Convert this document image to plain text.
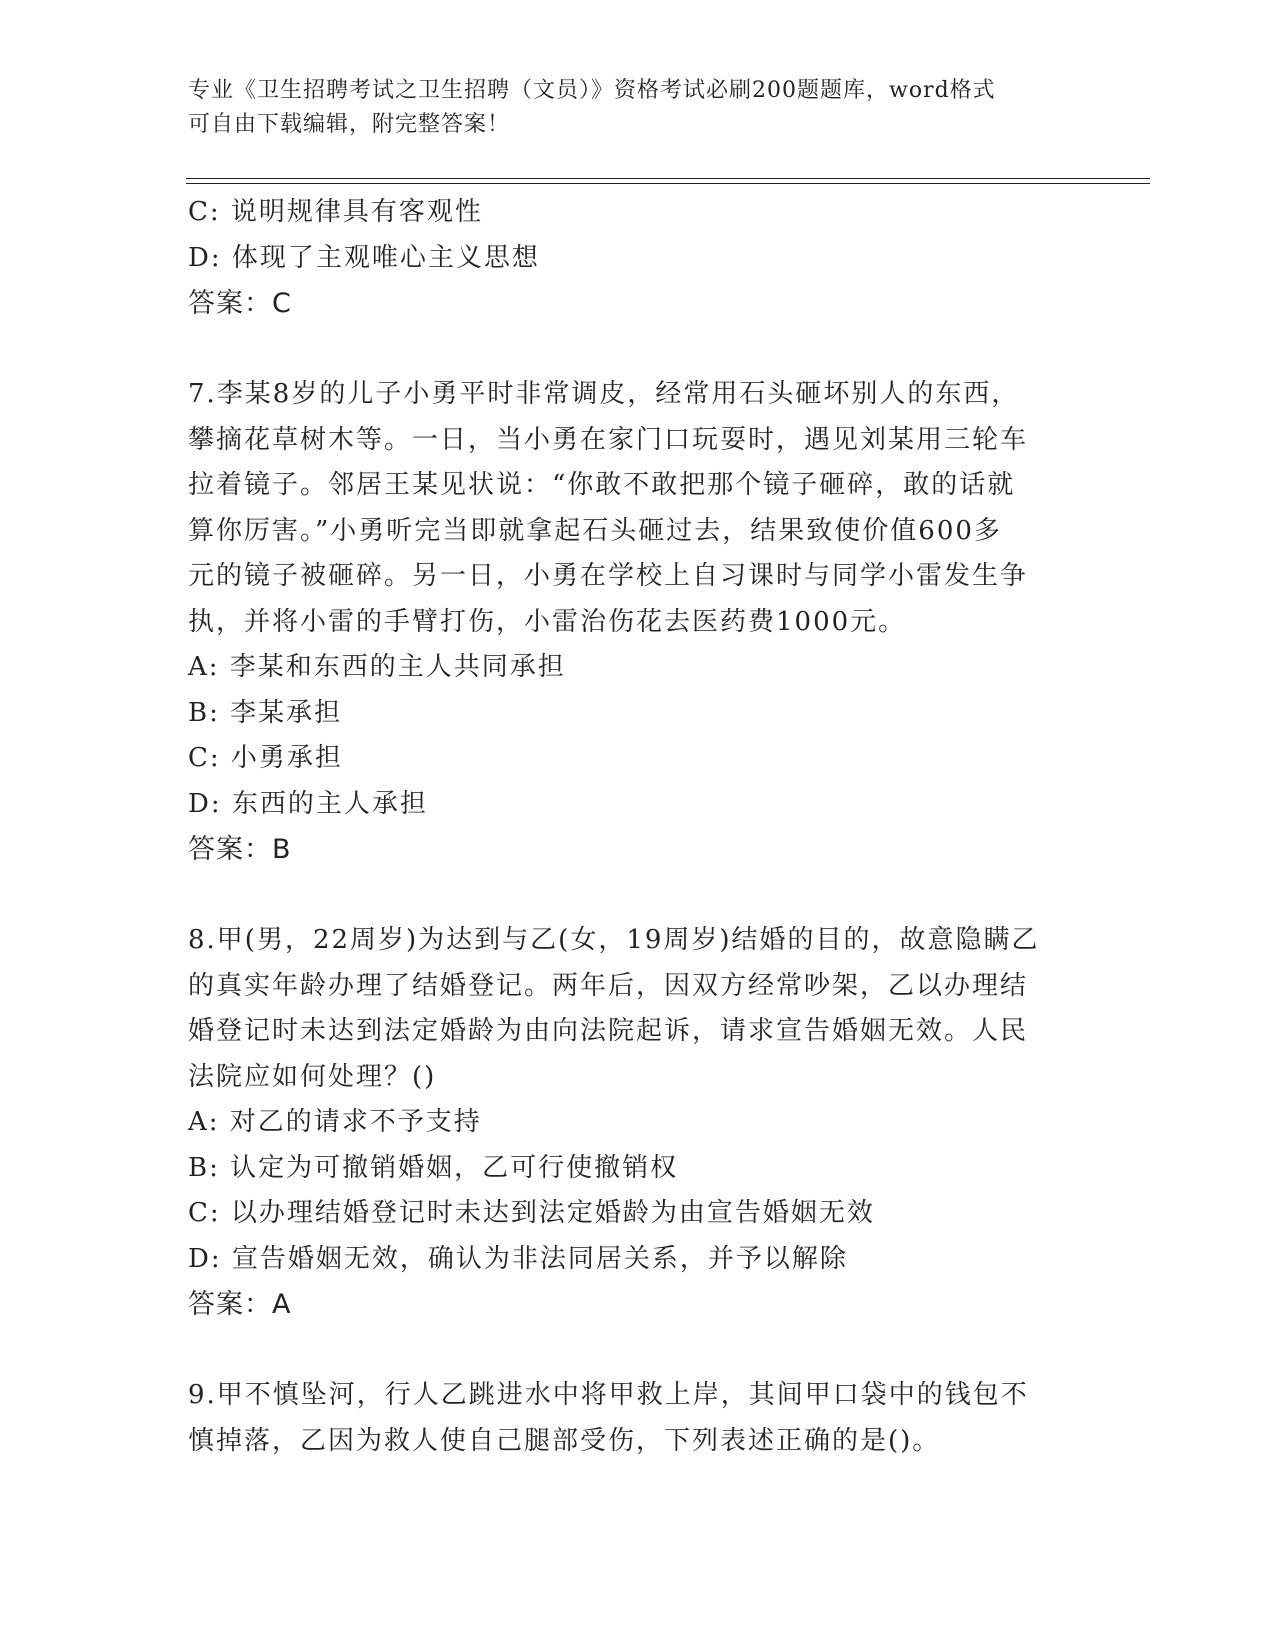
专业《卫生招聘考试之卫生招聘（文员）》资格考试必刷200题题库，word格式
可自由下载编辑，附完整答案！
C: 说明规律具有客观性
D: 体现了主观唯心主义思想
答案：C
7.李某8岁的儿子小勇平时非常调皮，经常用石头砸坏别人的东西，
攀摘花草树木等。一日，当小勇在家门口玩耍时，遇见刘某用三轮车
拉着镜子。邻居王某见状说：“你敢不敢把那个镜子砸碎，敢的话就
算你厉害。”小勇听完当即就拿起石头砸过去，结果致使价值600多
元的镜子被砸碎。另一日，小勇在学校上自习课时与同学小雷发生争
执，并将小雷的手臂打伤，小雷治伤花去医药费1000元。
A: 李某和东西的主人共同承担
B: 李某承担
C: 小勇承担
D: 东西的主人承担
答案：B
8.甲(男，22周岁)为达到与乙(女，19周岁)结婚的目的，故意隐瞒乙
的真实年龄办理了结婚登记。两年后，因双方经常吵架，乙以办理结
婚登记时未达到法定婚龄为由向法院起诉，请求宣告婚姻无效。人民
法院应如何处理？()
A: 对乙的请求不予支持
B: 认定为可撤销婚姻，乙可行使撤销权
C: 以办理结婚登记时未达到法定婚龄为由宣告婚姻无效
D: 宣告婚姻无效，确认为非法同居关系，并予以解除
答案：A
9.甲不慎坠河，行人乙跳进水中将甲救上岸，其间甲口袋中的钱包不
慎掉落，乙因为救人使自己腿部受伤，下列表述正确的是()。
